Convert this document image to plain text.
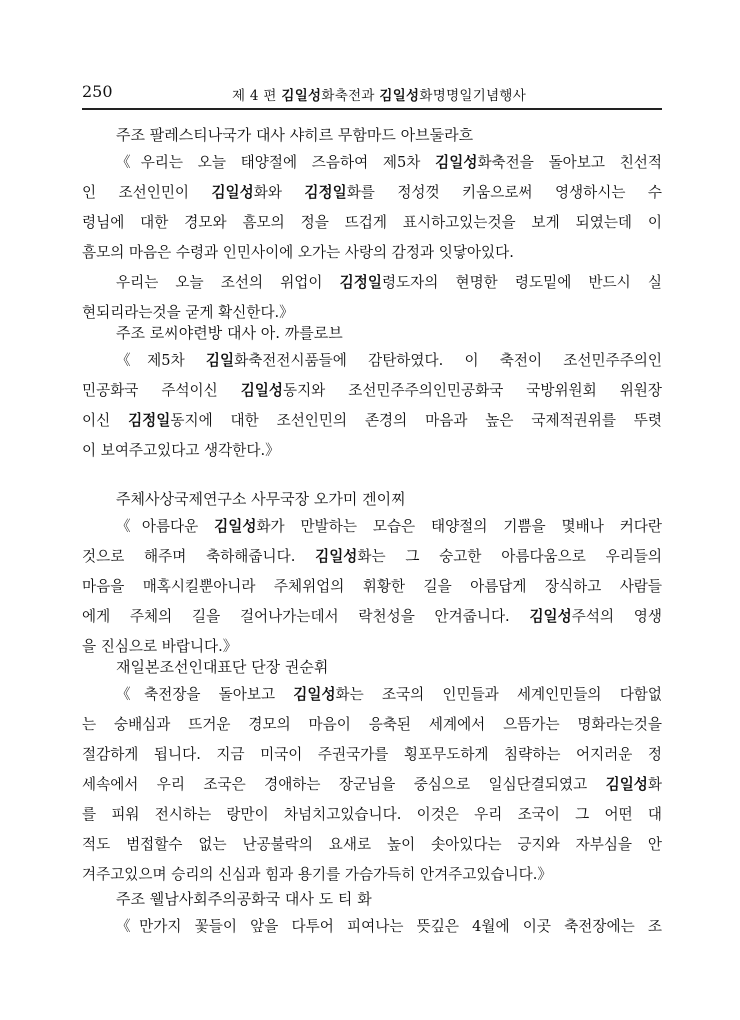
250	제 4 편 김일성화축전과 김일성화명명일기념행사
주조 팔레스티나국가 대사 샤히르 무함마드 아브둘라흐
《우리는 오늘 태양절에 즈음하여 제5차 김일성화축전을 돌아보고 친선적
인 조선인민이 김일성화와 김정일화를 정성껏 키움으로써 영생하시는 수
령님에 대한 경모와 흠모의 정을 뜨겁게 표시하고있는것을 보게 되였는데 이
흠모의 마음은 수령과 인민사이에 오가는 사랑의 감정과 잇닿아있다.
우리는 오늘 조선의 위업이 김정일령도자의 현명한 령도밑에 반드시 실
현되리라는것을 굳게 확신한다.》
주조 로씨야련방 대사 아. 까를로브
《제5차 김일화축전전시품들에 감탄하였다. 이 축전이 조선민주주의인
민공화국 주석이신 김일성동지와 조선민주주의인민공화국 국방위원회 위원장
이신 김정일동지에 대한 조선인민의 존경의 마음과 높은 국제적권위를 뚜렷
이 보여주고있다고 생각한다.》
주체사상국제연구소 사무국장 오가미 겐이찌
《아름다운 김일성화가 만발하는 모습은 태양절의 기쁨을 몇배나 커다란
것으로 해주며 축하해줍니다. 김일성화는 그 숭고한 아름다움으로 우리들의
마음을 매혹시킬뿐아니라 주체위업의 휘황한 길을 아름답게 장식하고 사람들
에게 주체의 길을 걸어나가는데서 락천성을 안겨줍니다. 김일성주석의 영생
을 진심으로 바랍니다.》
재일본조선인대표단 단장 권순휘
《축전장을 돌아보고 김일성화는 조국의 인민들과 세계인민들의 다함없
는 숭배심과 뜨거운 경모의 마음이 응축된 세계에서 으뜸가는 명화라는것을
절감하게 됩니다. 지금 미국이 주권국가를 횡포무도하게 침략하는 어지러운 정
세속에서 우리 조국은 경애하는 장군님을 중심으로 일심단결되였고 김일성화
를 피워 전시하는 랑만이 차넘치고있습니다. 이것은 우리 조국이 그 어떤 대
적도 범접할수 없는 난공불락의 요새로 높이 솟아있다는 긍지와 자부심을 안
겨주고있으며 승리의 신심과 힘과 용기를 가슴가득히 안겨주고있습니다.》
주조 웰남사회주의공화국 대사 도 티 화
《만가지 꽃들이 앞을 다투어 피여나는 뜻깊은 4월에 이곳 축전장에는 조
